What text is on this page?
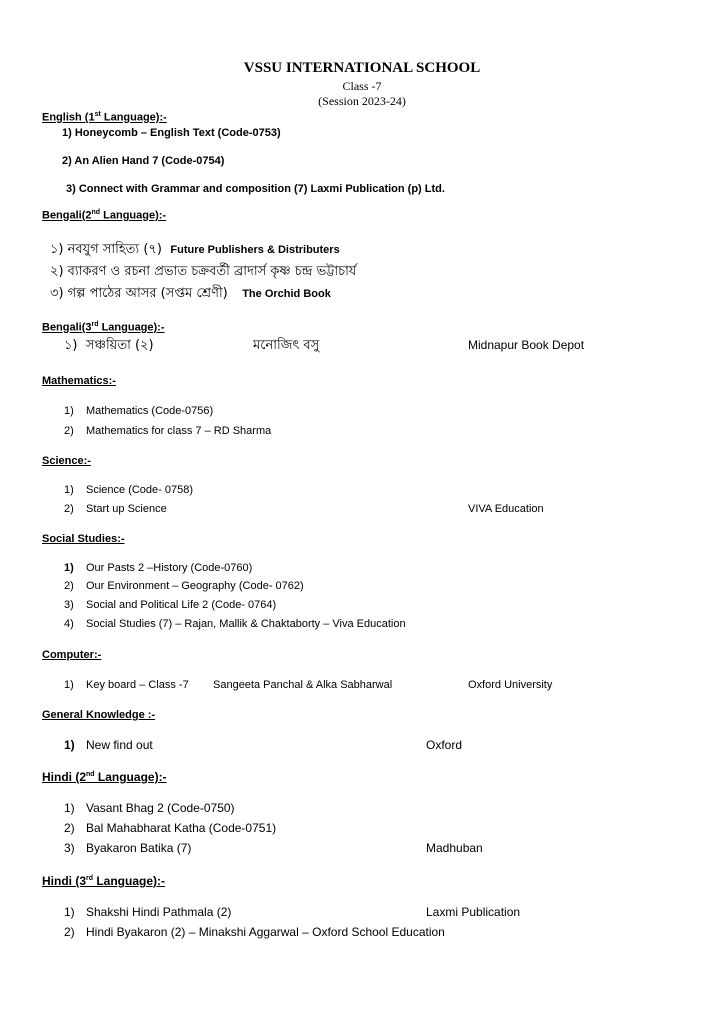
VSSU INTERNATIONAL SCHOOL
Class -7
(Session 2023-24)
English (1st Language):-
1) Honeycomb – English Text (Code-0753)
2) An Alien Hand 7 (Code-0754)
3) Connect with Grammar and composition (7) Laxmi Publication (p) Ltd.
Bengali(2nd Language):-
১) নবযুগ সাহিত্য (৭) Future Publishers & Distributers
২) ব্যাকরণ ও রচনা প্রভাত চক্রবর্তী ব্রাদার্স কৃষ্ণ চন্দ্র ভট্টাচার্য
৩) গল্প পাঠের আসর (সপ্তম শ্রেণী) The Orchid Book
Bengali(3rd Language):-
১) সঞ্চয়িতা (২)	মনোজিৎ বসু	Midnapur Book Depot
Mathematics:-
1) Mathematics (Code-0756)
2) Mathematics for class 7 – RD Sharma
Science:-
1) Science (Code- 0758)
2) Start up Science	VIVA Education
Social Studies:-
1) Our Pasts 2 –History (Code-0760)
2) Our Environment – Geography (Code- 0762)
3) Social and Political Life 2 (Code- 0764)
4) Social Studies (7) – Rajan, Mallik & Chaktaborty – Viva Education
Computer:-
1) Key board – Class -7 Sangeeta Panchal & Alka Sabharwal	Oxford University
General Knowledge :-
1) New find out	Oxford
Hindi (2nd Language):-
1) Vasant Bhag 2 (Code-0750)
2) Bal Mahabharat Katha (Code-0751)
3) Byakaron Batika (7)	Madhuban
Hindi (3rd Language):-
1) Shakshi Hindi Pathmala (2)	Laxmi Publication
2) Hindi Byakaron (2) – Minakshi Aggarwal – Oxford School Education
